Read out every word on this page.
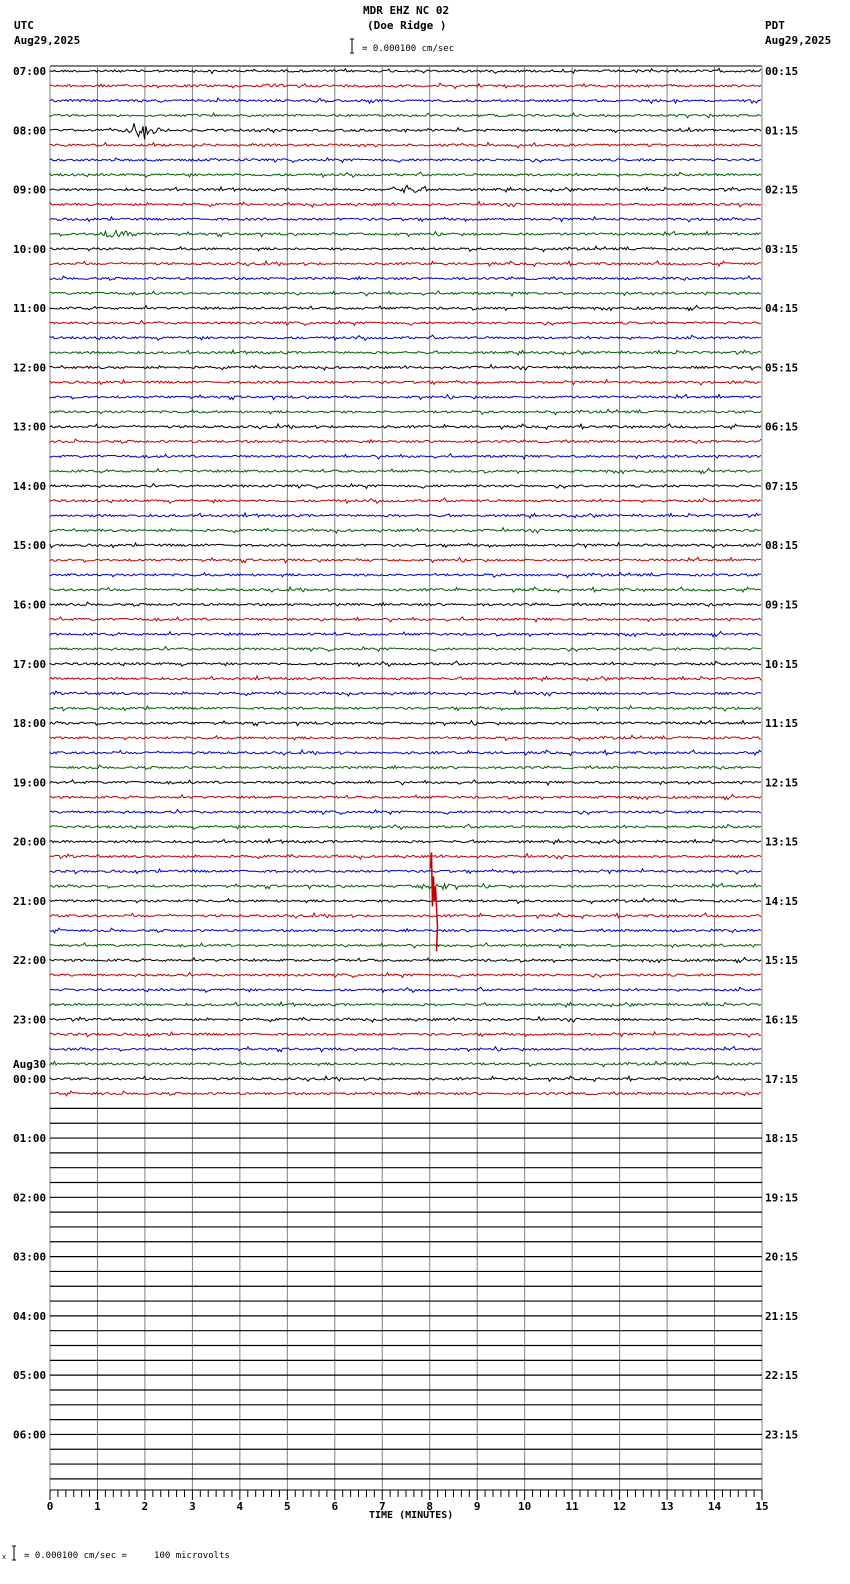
MDR EHZ NC 02
(Doe Ridge )
UTC
Aug29,2025
PDT
Aug29,2025
= 0.000100 cm/sec
TIME (MINUTES)
= 0.000100 cm/sec =     100 microvolts
x
07:00
08:00
09:00
10:00
11:00
12:00
13:00
14:00
15:00
16:00
17:00
18:00
19:00
20:00
21:00
22:00
23:00
00:00
01:00
02:00
03:00
04:00
05:00
06:00
00:15
01:15
02:15
03:15
04:15
05:15
06:15
07:15
08:15
09:15
10:15
11:15
12:15
13:15
14:15
15:15
16:15
17:15
18:15
19:15
20:15
21:15
22:15
23:15
Aug30
0	1	2	3	4	5	6	7	8	9	10	11	12	13	14	15
